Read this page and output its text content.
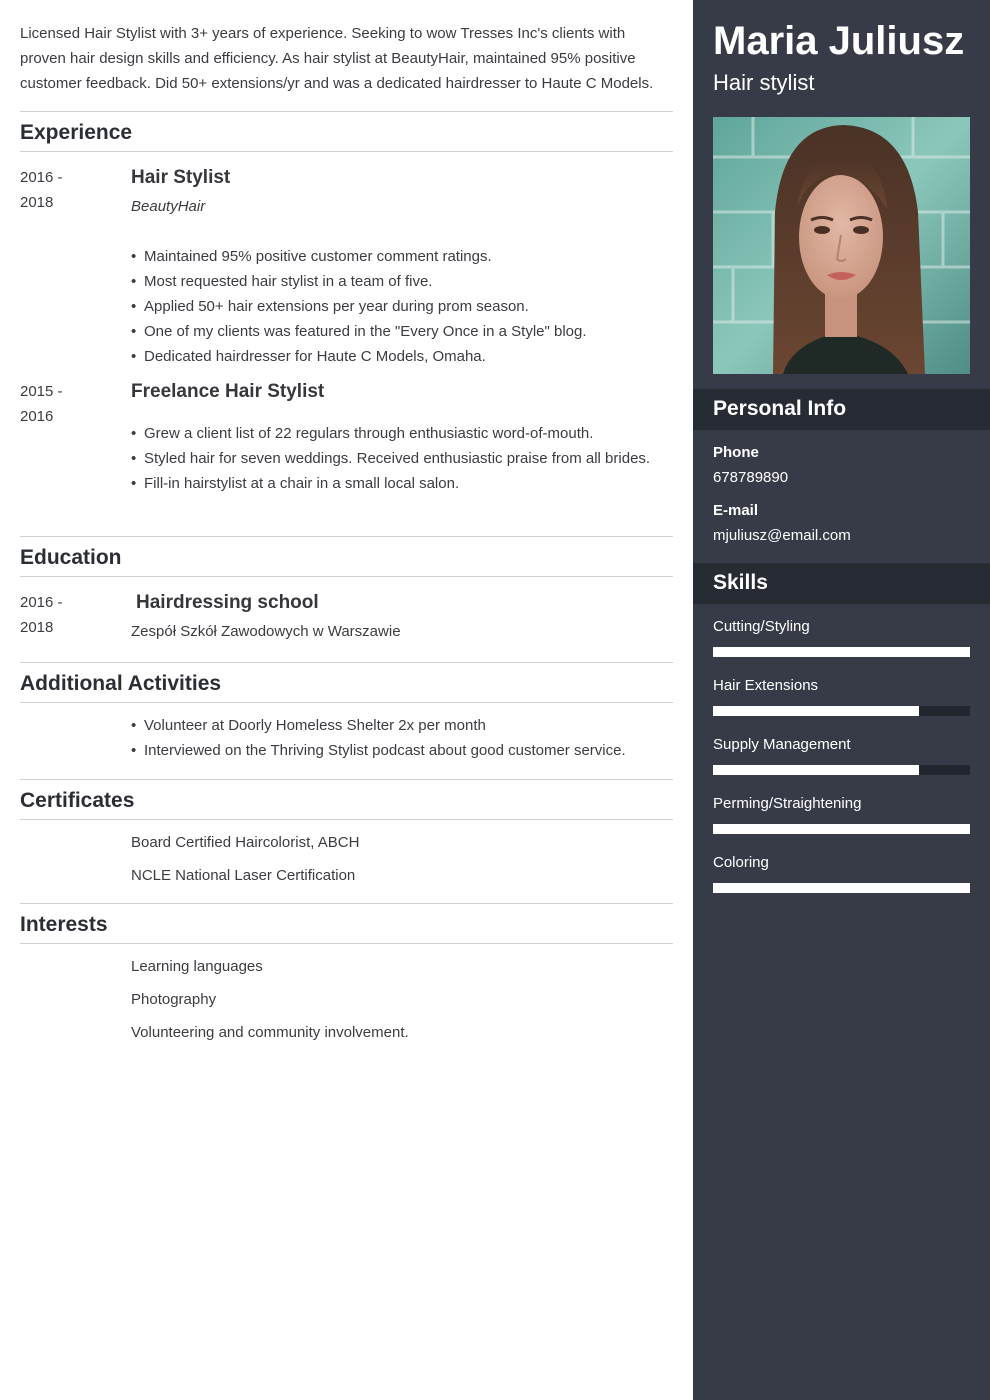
Licensed Hair Stylist with 3+ years of experience. Seeking to wow Tresses Inc's clients with proven hair design skills and efficiency. As hair stylist at BeautyHair, maintained 95% positive customer feedback. Did 50+ extensions/yr and was a dedicated hairdresser to Haute C Models.

Experience
2016 -
2018
Hair Stylist
BeautyHair
• Maintained 95% positive customer comment ratings.
• Most requested hair stylist in a team of five.
• Applied 50+ hair extensions per year during prom season.
• One of my clients was featured in the "Every Once in a Style" blog.
• Dedicated hairdresser for Haute C Models, Omaha.
2015 -
2016
Freelance Hair Stylist
• Grew a client list of 22 regulars through enthusiastic word-of-mouth.
• Styled hair for seven weddings. Received enthusiastic praise from all brides.
• Fill-in hairstylist at a chair in a small local salon.
Education
2016 -
2018
Hairdressing school
Zespół Szkół Zawodowych w Warszawie
Additional Activities
• Volunteer at Doorly Homeless Shelter 2x per month
• Interviewed on the Thriving Stylist podcast about good customer service.
Certificates
Board Certified Haircolorist, ABCH
NCLE National Laser Certification
Interests
Learning languages
Photography
Volunteering and community involvement.
Maria Juliusz
Hair stylist
Personal Info
Phone
678789890
E-mail
mjuliusz@email.com
Skills
Cutting/Styling
Hair Extensions
Supply Management
Perming/Straightening
Coloring
